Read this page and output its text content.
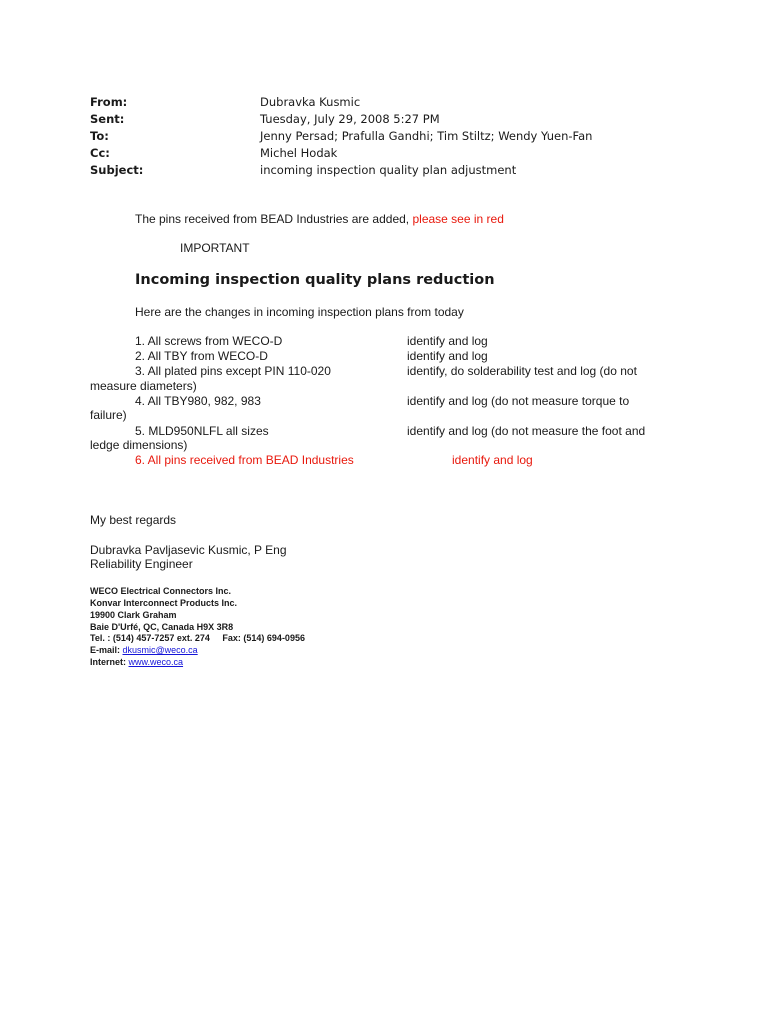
From:	Dubravka Kusmic
Sent:	Tuesday, July 29, 2008 5:27 PM
To:	Jenny Persad; Prafulla Gandhi; Tim Stiltz; Wendy Yuen-Fan
Cc:	Michel Hodak
Subject:	incoming inspection quality plan adjustment
The pins received from BEAD Industries are added, please see in red
IMPORTANT
Incoming inspection quality plans reduction
Here are the changes in incoming inspection plans from today
1. All screws from WECO-D	identify and log
2. All TBY from WECO-D	identify and log
3. All plated pins except PIN 110-020	identify, do solderability test and log (do not
measure diameters)
4. All TBY980, 982, 983	identify and log (do not measure torque to
failure)
5. MLD950NLFL all sizes	identify and log (do not measure the foot and
ledge dimensions)
6. All pins received from BEAD Industries	identify and log
My best regards
Dubravka Pavljasevic Kusmic, P Eng
Reliability Engineer
WECO Electrical Connectors Inc.
Konvar Interconnect Products Inc.
19900 Clark Graham
Baie D'Urfé, QC, Canada H9X 3R8
Tel. : (514) 457-7257 ext. 274     Fax: (514) 694-0956
E-mail: dkusmic@weco.ca
Internet: www.weco.ca
